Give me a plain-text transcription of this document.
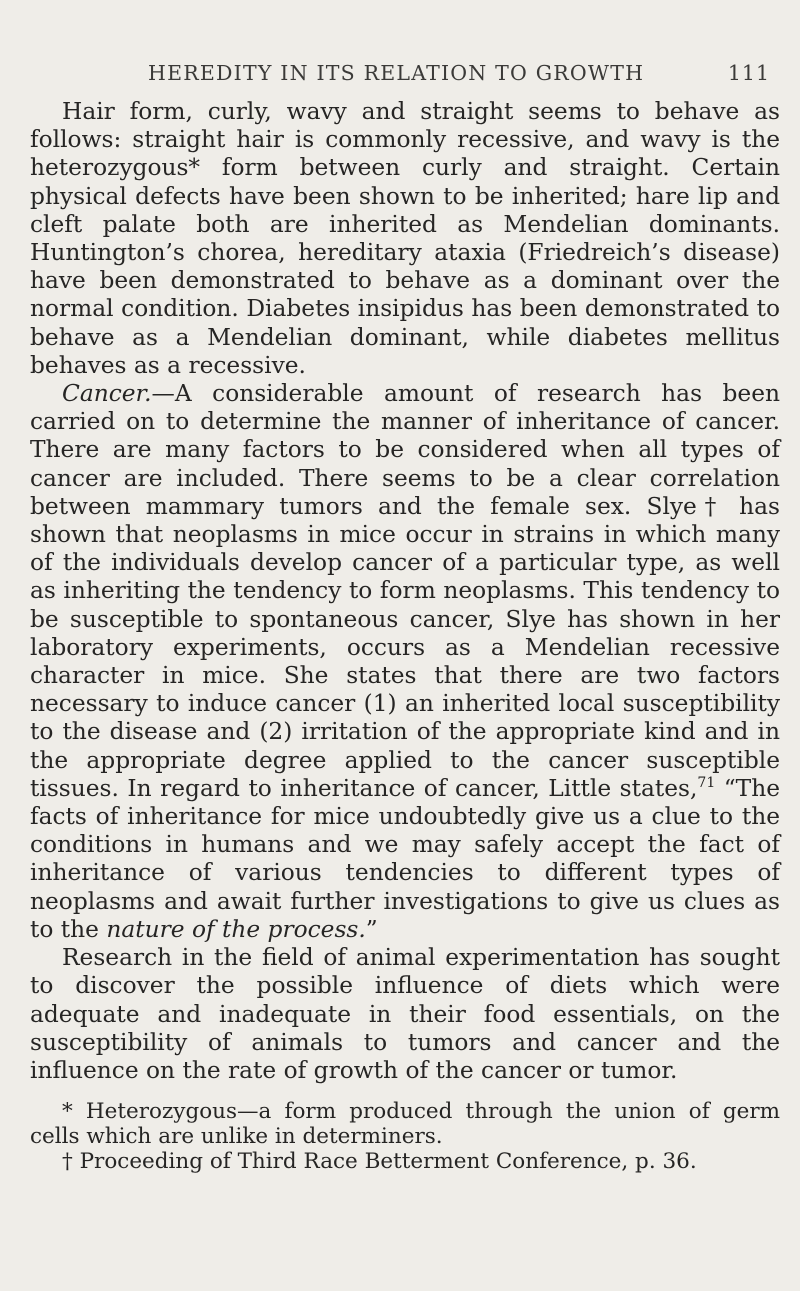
HEREDITY IN ITS RELATION TO GROWTH	111

Hair form, curly, wavy and straight seems to behave as follows: straight hair is commonly recessive, and wavy is the heterozygous* form between curly and straight. Certain physical defects have been shown to be inherited; hare lip and cleft palate both are inherited as Mendelian dominants. Huntington’s chorea, hereditary ataxia (Friedreich’s disease) have been demonstrated to behave as a dominant over the normal condition. Diabetes insipidus has been demonstrated to behave as a Mendelian dominant, while diabetes mellitus behaves as a recessive.

Cancer.—A considerable amount of research has been carried on to determine the manner of inheritance of cancer. There are many factors to be considered when all types of cancer are included. There seems to be a clear correlation between mammary tumors and the female sex. Slye† has shown that neoplasms in mice occur in strains in which many of the individuals develop cancer of a particular type, as well as inheriting the tendency to form neoplasms. This tendency to be susceptible to spontaneous cancer, Slye has shown in her laboratory experiments, occurs as a Mendelian recessive character in mice. She states that there are two factors necessary to induce cancer (1) an inherited local susceptibility to the disease and (2) irritation of the appropriate kind and in the appropriate degree applied to the cancer susceptible tissues. In regard to inheritance of cancer, Little states,$^{71}$ “The facts of inheritance for mice undoubtedly give us a clue to the conditions in humans and we may safely accept the fact of inheritance of various tendencies to different types of neoplasms and await further investigations to give us clues as to the nature of the process.”

Research in the field of animal experimentation has sought to discover the possible influence of diets which were adequate and inadequate in their food essentials, on the susceptibility of animals to tumors and cancer and the influence on the rate of growth of the cancer or tumor.

* Heterozygous—a form produced through the union of germ cells which are unlike in determiners.

† Proceeding of Third Race Betterment Conference, p. 36.
